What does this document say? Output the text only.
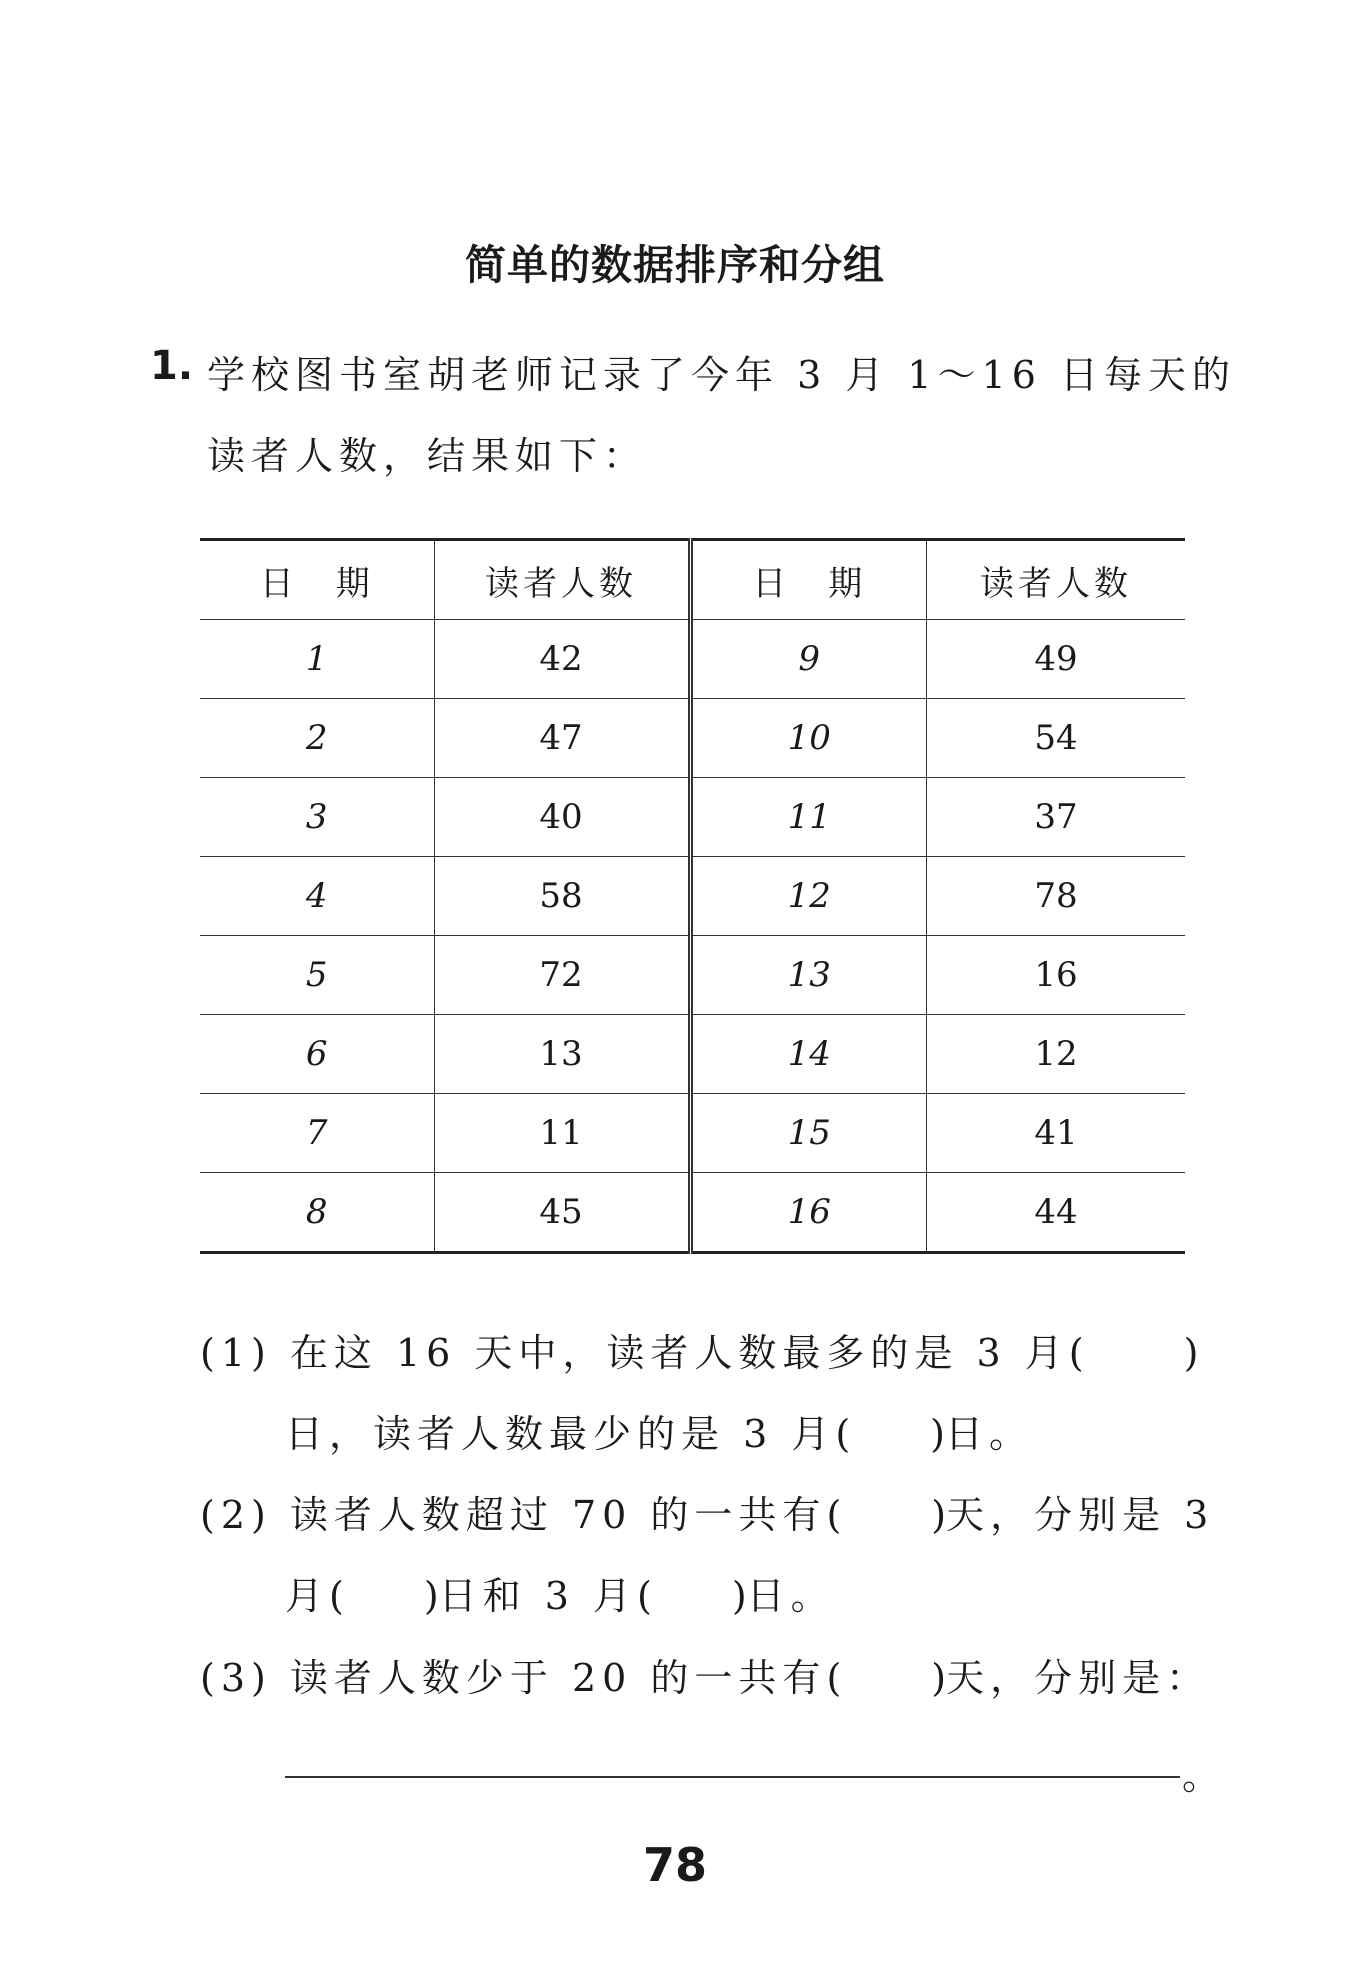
简单的数据排序和分组
1. 学校图书室胡老师记录了今年 3 月 1～16 日每天的
读者人数，结果如下：
日　期	读者人数	日　期	读者人数
1	42	9	49
2	47	10	54
3	40	11	37
4	58	12	78
5	72	13	16
6	13	14	12
7	11	15	41
8	45	16	44
(1) 在这 16 天中，读者人数最多的是 3 月(	)
日，读者人数最少的是 3 月( )日。
(2) 读者人数超过 70 的一共有( )天，分别是 3
月( )日和 3 月( )日。
(3) 读者人数少于 20 的一共有( )天，分别是：
。
78
